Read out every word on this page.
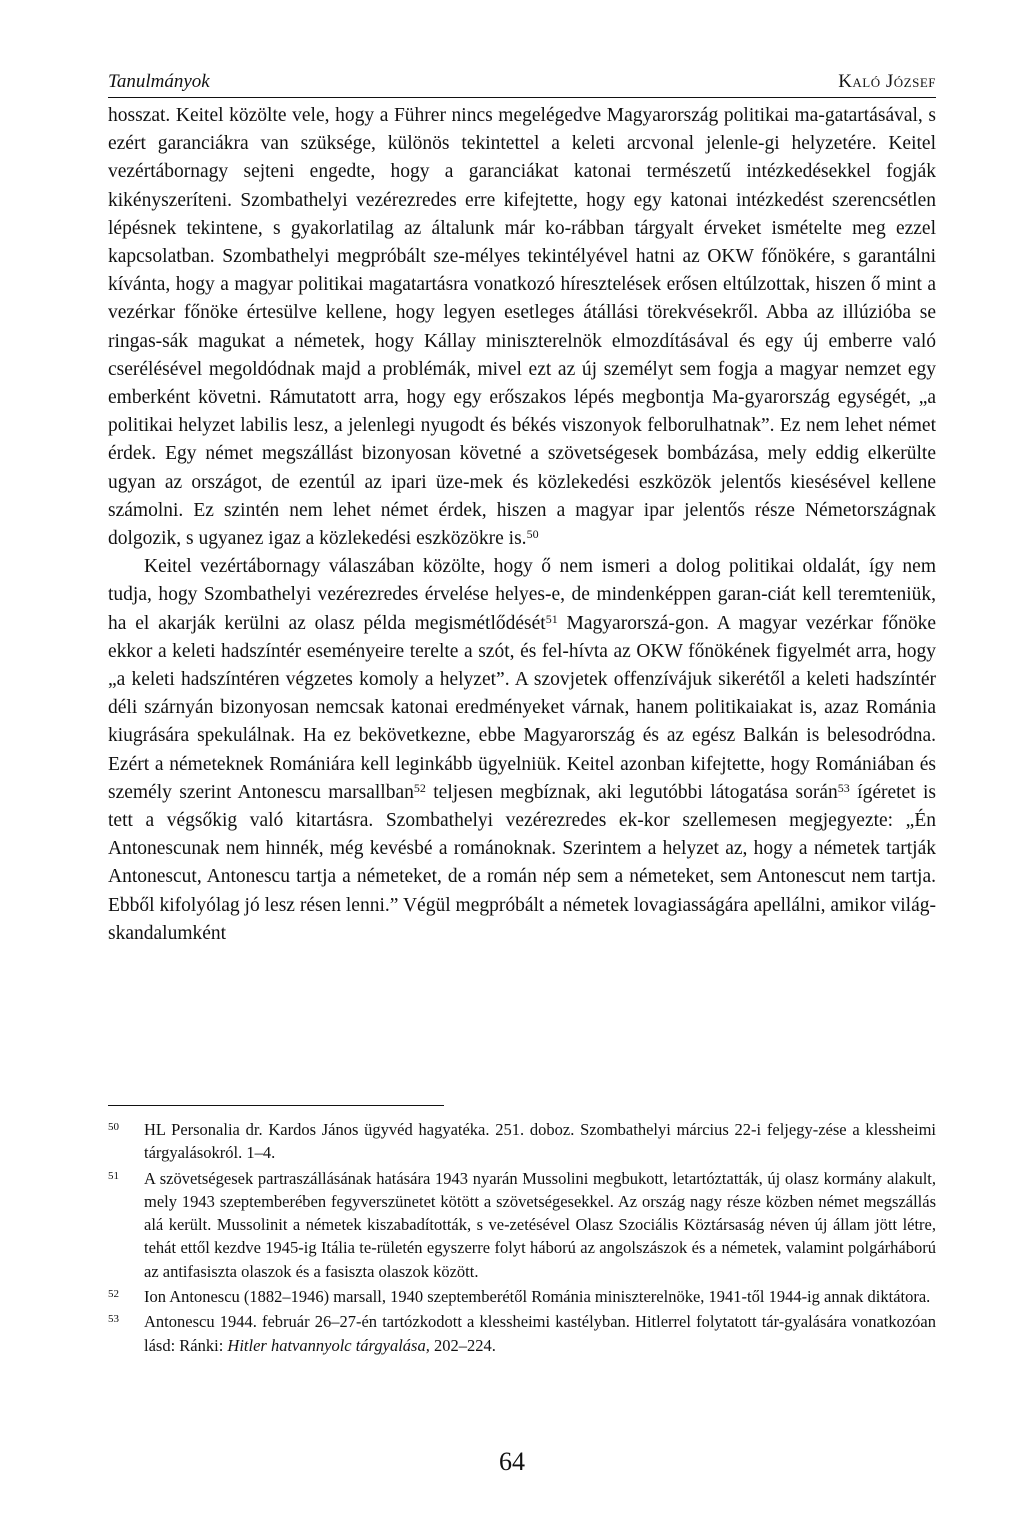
Tanulmányok	Kaló József

hosszat. Keitel közölte vele, hogy a Führer nincs megelégedve Magyarország politikai ma-gatartásával, s ezért garanciákra van szüksége, különös tekintettel a keleti arcvonal jelenle-gi helyzetére. Keitel vezértábornagy sejteni engedte, hogy a garanciákat katonai természetű intézkedésekkel fogják kikényszeríteni. Szombathelyi vezérezredes erre kifejtette, hogy egy katonai intézkedést szerencsétlen lépésnek tekintene, s gyakorlatilag az általunk már ko-rábban tárgyalt érveket ismételte meg ezzel kapcsolatban. Szombathelyi megpróbált sze-mélyes tekintélyével hatni az OKW főnökére, s garantálni kívánta, hogy a magyar politikai magatartásra vonatkozó híresztelések erősen eltúlzottak, hiszen ő mint a vezérkar főnöke értesülve kellene, hogy legyen esetleges átállási törekvésekről. Abba az illúzióba se ringas-sák magukat a németek, hogy Kállay miniszterelnök elmozdításával és egy új emberre való cserélésével megoldódnak majd a problémák, mivel ezt az új személyt sem fogja a magyar nemzet egy emberként követni. Rámutatott arra, hogy egy erőszakos lépés megbontja Ma-gyarország egységét, „a politikai helyzet labilis lesz, a jelenlegi nyugodt és békés viszonyok felborulhatnak”. Ez nem lehet német érdek. Egy német megszállást bizonyosan követné a szövetségesek bombázása, mely eddig elkerülte ugyan az országot, de ezentúl az ipari üze-mek és közlekedési eszközök jelentős kiesésével kellene számolni. Ez szintén nem lehet német érdek, hiszen a magyar ipar jelentős része Németországnak dolgozik, s ugyanez igaz a közlekedési eszközökre is.$^{50}$

Keitel vezértábornagy válaszában közölte, hogy ő nem ismeri a dolog politikai oldalát, így nem tudja, hogy Szombathelyi vezérezredes érvelése helyes-e, de mindenképpen garan-ciát kell teremteniük, ha el akarják kerülni az olasz példa megismétlődését$^{51}$ Magyarorszá-gon. A magyar vezérkar főnöke ekkor a keleti hadszíntér eseményeire terelte a szót, és fel-hívta az OKW főnökének figyelmét arra, hogy „a keleti hadszíntéren végzetes komoly a helyzet”. A szovjetek offenzívájuk sikerétől a keleti hadszíntér déli szárnyán bizonyosan nemcsak katonai eredményeket várnak, hanem politikaiakat is, azaz Románia kiugrására spekulálnak. Ha ez bekövetkezne, ebbe Magyarország és az egész Balkán is belesodródna. Ezért a németeknek Romániára kell leginkább ügyelniük. Keitel azonban kifejtette, hogy Romániában és személy szerint Antonescu marsallban$^{52}$ teljesen megbíznak, aki legutóbbi látogatása során$^{53}$ ígéretet is tett a végsőkig való kitartásra. Szombathelyi vezérezredes ek-kor szellemesen megjegyezte: „Én Antonescunak nem hinnék, még kevésbé a románoknak. Szerintem a helyzet az, hogy a németek tartják Antonescut, Antonescu tartja a németeket, de a román nép sem a németeket, sem Antonescut nem tartja. Ebből kifolyólag jó lesz résen lenni.” Végül megpróbált a németek lovagiasságára apellálni, amikor világ-skandalumként

50	HL Personalia dr. Kardos János ügyvéd hagyatéka. 251. doboz. Szombathelyi március 22-i feljegy-zése a klessheimi tárgyalásokról. 1–4.
51	A szövetségesek partraszállásának hatására 1943 nyarán Mussolini megbukott, letartóztatták, új olasz kormány alakult, mely 1943 szeptemberében fegyverszünetet kötött a szövetségesekkel. Az ország nagy része közben német megszállás alá került. Mussolinit a németek kiszabadították, s ve-zetésével Olasz Szociális Köztársaság néven új állam jött létre, tehát ettől kezdve 1945-ig Itália te-rületén egyszerre folyt háború az angolszászok és a németek, valamint polgárháború az antifasiszta olaszok és a fasiszta olaszok között.
52	Ion Antonescu (1882–1946) marsall, 1940 szeptemberétől Románia miniszterelnöke, 1941-től 1944-ig annak diktátora.
53	Antonescu 1944. február 26–27-én tartózkodott a klessheimi kastélyban. Hitlerrel folytatott tár-gyalására vonatkozóan lásd: Ránki: Hitler hatvannyolc tárgyalása, 202–224.
64
